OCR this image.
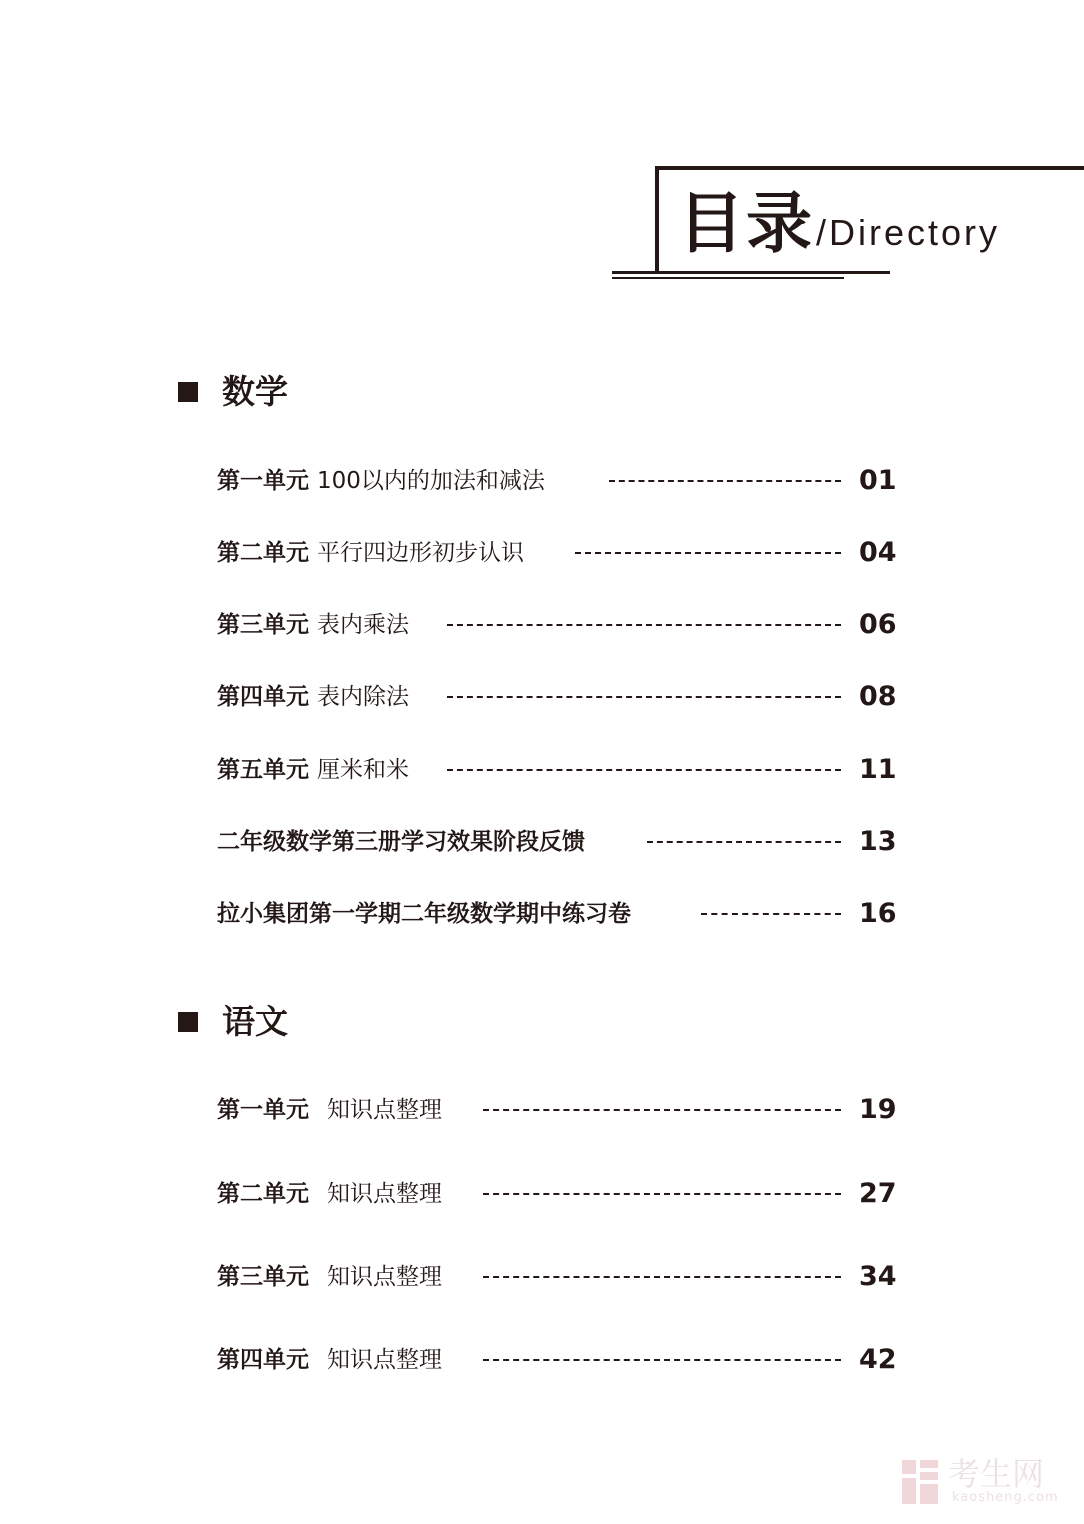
目录 /Directory
数学
第一单元 100以内的加法和减法	01
第二单元 平行四边形初步认识	04
第三单元 表内乘法	06
第四单元 表内除法	08
第五单元 厘米和米	11
二年级数学第三册学习效果阶段反馈	13
拉小集团第一学期二年级数学期中练习卷	16
语文
第一单元 知识点整理	19
第二单元 知识点整理	27
第三单元 知识点整理	34
第四单元 知识点整理	42
考生网
kaosheng.com
